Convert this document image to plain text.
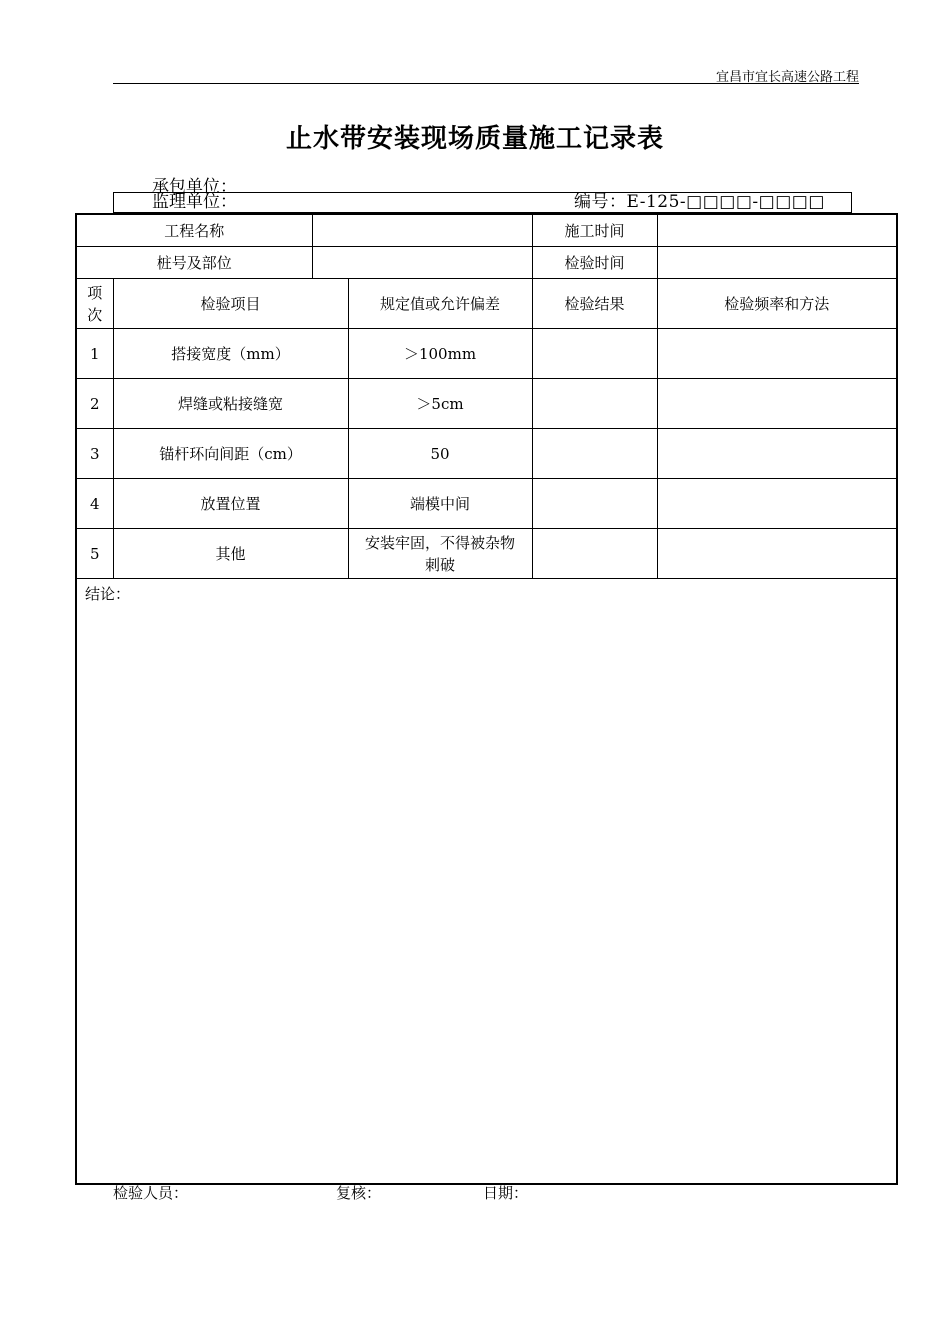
宜昌市宜长高速公路工程
止水带安装现场质量施工记录表
承包单位：
监理单位：	编号：E-125-□□□□-□□□□
工程名称				施工时间	
桩号及部位				检验时间	
项
次	检验项目		规定值或允许偏差	检验结果	检验频率和方法
1	搭接宽度（mm）		＞100mm		
2	焊缝或粘接缝宽		＞5cm		
3	锚杆环向间距（cm）		50		
4	放置位置		端模中间		
5	其他		安装牢固，不得被杂物
刺破		
结论：					
检验人员：	复核：	日期：
